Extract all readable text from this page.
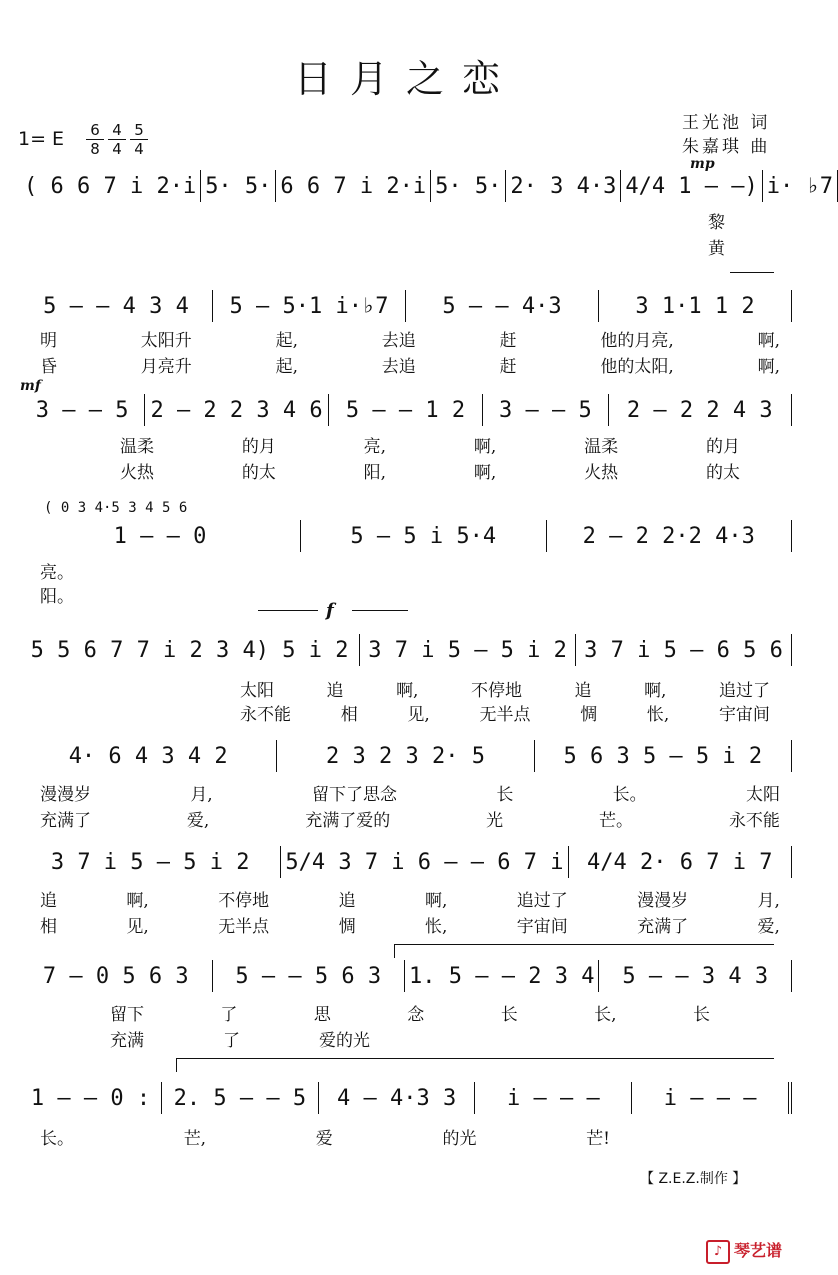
日月之恋
王光池 词
朱嘉琪 曲
1= E 6
8
4
4
5
4
mp
mf
f
( 6 6 7 i 2·i 5· 5· 6 6 7 i 2·i 5· 5· 2· 3 4·3 4/4 1 — —) i· ♭7
黎
黄
5 — — 4 3 4	5 — 5·1 i·♭7	5 — — 4·3	3 1·1 1 2
明	太阳升	起,	去追	赶	他的月亮,	啊,
昏	月亮升	起,	去追	赶	他的太阳,	啊,
3 — — 5 2 — 2 2 3 4 6	5 — — 1 2	3 — — 5	2 — 2 2 4 3
温柔	的月	亮,	啊,	温柔	的月
火热	的太	阳,	啊,	火热	的太
( 0 3 4·5 3 4 5 6
1 — — 0	5 — 5 i 5·4	2 — 2 2·2 4·3
亮。
阳。
5 5 6 7 7 i 2 3 4) 5 i 2 3 7 i 5 — 5 i 2 3 7 i 5 — 6 5 6
太阳	追	啊,	不停地	追	啊,	追过了
永不能	相	见,	无半点	惆	怅,	宇宙间
4· 6 4 3 4 2	2 3 2 3 2· 5	5 6 3 5 — 5 i 2
漫漫岁	月,	留下了思念	长	长。	太阳
充满了	爱,	充满了爱的	光	芒。	永不能
3 7 i 5 — 5 i 2	5/4 3 7 i 6 — — 6 7 i	4/4 2· 6 7 i 7
追	啊,	不停地	追	啊,	追过了	漫漫岁	月,
相	见,	无半点	惆	怅,	宇宙间	充满了	爱,
7 — 0 5 6 3	5 — — 5 6 3	1. 5 — — 2 3 4	5 — — 3 4 3
留下	了	思	念	长	长,	长
充满	了	爱的光
1 — — 0 :	2. 5 — — 5	4 — 4·3 3	i — — —	i — — —
长。	芒,	爱	的光	芒!
【 Z.E.Z.制作 】
♪ 琴艺谱
